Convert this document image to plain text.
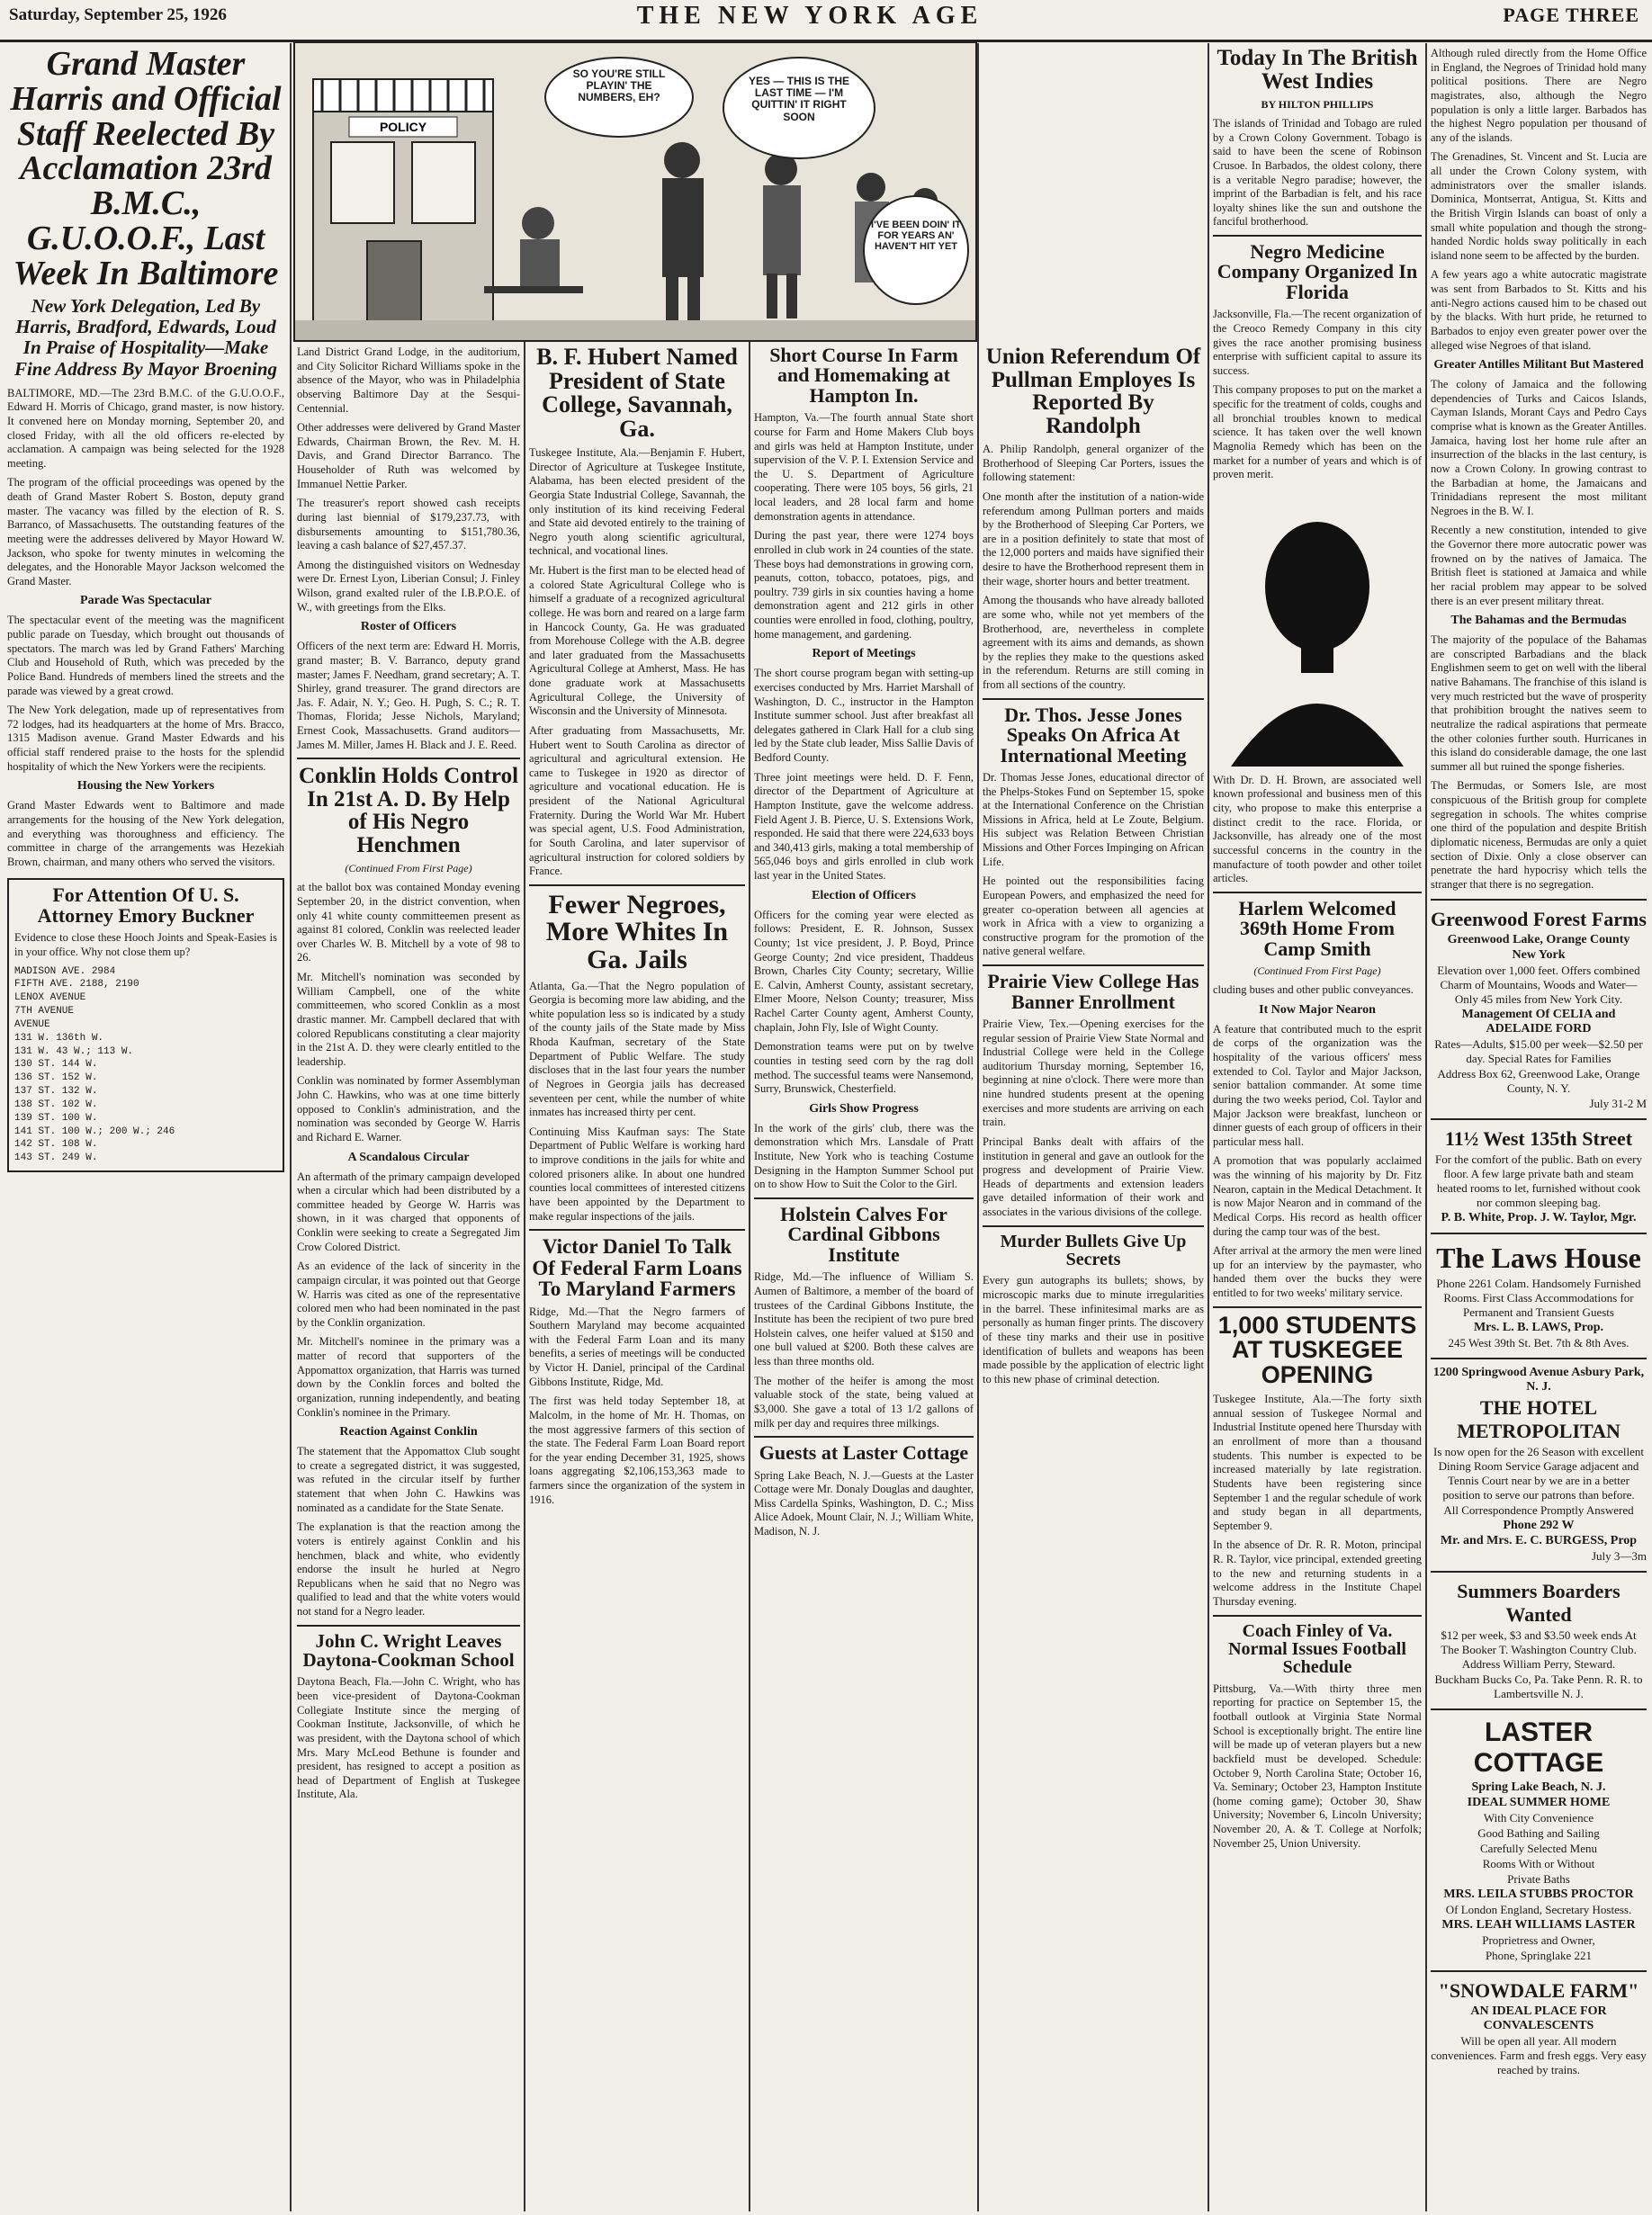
Saturday, September 25, 1926	THE NEW YORK AGE	PAGE THREE
Grand Master Harris and Official Staff Reelected By Acclamation 23rd B.M.C., G.U.O.O.F., Last Week In Baltimore
New York Delegation, Led By Harris, Bradford, Edwards, Loud In Praise of Hospitality—Make Fine Address By Mayor Broening

BALTIMORE, MD.—The 23rd B.M.C. of the G.U.O.O.F., Edward H. Morris of Chicago, grand master, is now history. It convened here on Monday morning, September 20, and closed Friday, with all the old officers re-elected by acclamation. A campaign was being selected for the 1928 meeting.

The program of the official proceedings was opened by the death of Grand Master Robert S. Boston, deputy grand master. The vacancy was filled by the election of R. S. Barranco, of Massachusetts. The outstanding features of the meeting were the addresses delivered by Mayor Howard W. Jackson, who spoke for twenty minutes in welcoming the delegates, and the Honorable Mayor Jackson welcomed the Grand Master.

Parade Was Spectacular

The spectacular event of the meeting was the magnificent public parade on Tuesday, which brought out thousands of spectators. The march was led by Grand Fathers' Marching Club and Household of Ruth, which was preceded by the Police Band. Hundreds of members lined the streets and the parade was viewed by a great crowd.

The New York delegation, made up of representatives from 72 lodges, had its headquarters at the home of Mrs. Bracco, 1315 Madison avenue. Grand Master Edwards and his official staff rendered praise to the hosts for the splendid hospitality of which the New Yorkers were the recipients.

Housing the New Yorkers

Grand Master Edwards went to Baltimore and made arrangements for the housing of the New York delegation, and everything was thoroughness and efficiency. The committee in charge of the arrangements was Hezekiah Brown, chairman, and many others who served the visitors.

For Attention Of U. S. Attorney Emory Buckner

Evidence to close these Hooch Joints and Speak-Easies is in your office. Why not close them up?

MADISON AVE. 2984
FIFTH AVE. 2188, 2190
LENOX AVENUE
7TH AVENUE
AVENUE
131 W. 136th W.
131 W. 43 W.; 113 W.
130 ST. 144 W.
136 ST. 152 W.
137 ST. 132 W.
138 ST. 102 W.
139 ST. 100 W.
141 ST. 100 W.; 200 W.; 246
142 ST. 108 W.
143 ST. 249 W.

Land District Grand Lodge, in the auditorium, and City Solicitor Richard Williams spoke in the absence of the Mayor, who was in Philadelphia observing Baltimore Day at the Sesqui-Centennial.

Other addresses were delivered by Grand Master Edwards, Chairman Brown, the Rev. M. H. Davis, and Grand Director Barranco. The Householder of Ruth was welcomed by Immanuel Nettie Parker.

The treasurer's report showed cash receipts during last biennial of $179,237.73, with disbursements amounting to $151,780.36, leaving a cash balance of $27,457.37.

Among the distinguished visitors on Wednesday were Dr. Ernest Lyon, Liberian Consul; J. Finley Wilson, grand exalted ruler of the I.B.P.O.E. of W., with greetings from the Elks.

Roster of Officers

Officers of the next term are: Edward H. Morris, grand master; B. V. Barranco, deputy grand master; James F. Needham, grand secretary; A. T. Shirley, grand treasurer. The grand directors are Jas. F. Adair, N. Y.; Geo. H. Pugh, S. C.; R. T. Thomas, Florida; Jesse Nichols, Maryland; Ernest Cook, Massachusetts. Grand auditors—James M. Miller, James H. Black and J. E. Reed.

Conklin Holds Control In 21st A. D. By Help of His Negro Henchmen
(Continued From First Page)

at the ballot box was contained Monday evening September 20, in the district convention, when only 41 white county committeemen present as against 81 colored, Conklin was reelected leader over Charles W. B. Mitchell by a vote of 98 to 26.

Mr. Mitchell's nomination was seconded by William Campbell, one of the white committeemen, who scored Conklin as a most drastic manner. Mr. Campbell declared that with colored Republicans constituting a clear majority in the 21st A. D. they were clearly entitled to the leadership.

Conklin was nominated by former Assemblyman John C. Hawkins, who was at one time bitterly opposed to Conklin's administration, and the nomination was seconded by George W. Harris and Richard E. Warner.

A Scandalous Circular

An aftermath of the primary campaign developed when a circular which had been distributed by a committee headed by George W. Harris was shown, in it was charged that opponents of Conklin were seeking to create a Segregated Jim Crow Colored District.

As an evidence of the lack of sincerity in the campaign circular, it was pointed out that George W. Harris was cited as one of the representative colored men who had been nominated in the past by the Conklin organization.

Mr. Mitchell's nominee in the primary was a matter of record that supporters of the Appomattox organization, that Harris was turned down by the Conklin forces and bolted the organization, running independently, and beating Conklin's nominee in the Primary.

Reaction Against Conklin

The statement that the Appomattox Club sought to create a segregated district, it was suggested, was refuted in the circular itself by further statement that when John C. Hawkins was nominated as a candidate for the State Senate.

The explanation is that the reaction among the voters is entirely against Conklin and his henchmen, black and white, who evidently endorse the insult he hurled at Negro Republicans when he said that no Negro was qualified to lead and that the white voters would not stand for a Negro leader.

John C. Wright Leaves Daytona-Cookman School

Daytona Beach, Fla.—John C. Wright, who has been vice-president of Daytona-Cookman Collegiate Institute since the merging of Cookman Institute, Jacksonville, of which he was president, with the Daytona school of which Mrs. Mary McLeod Bethune is founder and president, has resigned to accept a position as head of Department of English at Tuskegee Institute, Ala.

POLICY
SO YOU'RE STILL PLAYIN' THE NUMBERS, EH?
YES — THIS IS THE LAST TIME — I'M QUITTIN' IT RIGHT SOON
I'VE BEEN DOIN' IT FOR YEARS AN' HAVEN'T HIT YET
B. F. Hubert Named President of State College, Savannah, Ga.

Tuskegee Institute, Ala.—Benjamin F. Hubert, Director of Agriculture at Tuskegee Institute, Alabama, has been elected president of the Georgia State Industrial College, Savannah, the only institution of its kind receiving Federal and State aid devoted entirely to the training of Negro youth along scientific agricultural, technical, and vocational lines.

Mr. Hubert is the first man to be elected head of a colored State Agricultural College who is himself a graduate of a recognized agricultural college. He was born and reared on a large farm in Hancock County, Ga. He was graduated from Morehouse College with the A.B. degree and later graduated from the Massachusetts Agricultural College at Amherst, Mass. He has done graduate work at Massachusetts Agricultural College, the University of Wisconsin and the University of Minnesota.

After graduating from Massachusetts, Mr. Hubert went to South Carolina as director of agricultural and agricultural extension. He came to Tuskegee in 1920 as director of agriculture and vocational education. He is president of the National Agricultural Fraternity. During the World War Mr. Hubert was special agent, U.S. Food Administration, for South Carolina, and later supervisor of agricultural instruction for colored soldiers by France.

Fewer Negroes, More Whites In Ga. Jails

Atlanta, Ga.—That the Negro population of Georgia is becoming more law abiding, and the white population less so is indicated by a study of the county jails of the State made by Miss Rhoda Kaufman, secretary of the State Department of Public Welfare. The study discloses that in the last four years the number of Negroes in Georgia jails has decreased seventeen per cent, while the number of white inmates has increased thirty per cent.

Continuing Miss Kaufman says: The State Department of Public Welfare is working hard to improve conditions in the jails for white and colored prisoners alike. In about one hundred counties local committees of interested citizens have been appointed by the Department to make regular inspections of the jails.

Victor Daniel To Talk Of Federal Farm Loans To Maryland Farmers

Ridge, Md.—That the Negro farmers of Southern Maryland may become acquainted with the Federal Farm Loan and its many benefits, a series of meetings will be conducted by Victor H. Daniel, principal of the Cardinal Gibbons Institute, Ridge, Md.

The first was held today September 18, at Malcolm, in the home of Mr. H. Thomas, on the most aggressive farmers of this section of the state. The Federal Farm Loan Board report for the year ending December 31, 1925, shows loans aggregating $2,106,153,363 made to farmers since the organization of the system in 1916.

Short Course In Farm and Homemaking at Hampton In.

Hampton, Va.—The fourth annual State short course for Farm and Home Makers Club boys and girls was held at Hampton Institute, under supervision of the V. P. I. Extension Service and the U. S. Department of Agriculture cooperating. There were 105 boys, 56 girls, 21 local leaders, and 28 local farm and home demonstration agents in attendance.

During the past year, there were 1274 boys enrolled in club work in 24 counties of the state. These boys had demonstrations in growing corn, peanuts, cotton, tobacco, potatoes, pigs, and poultry. 739 girls in six counties having a home demonstration agent and 212 girls in other counties were enrolled in food, clothing, poultry, home management, and gardening.

Report of Meetings

The short course program began with setting-up exercises conducted by Mrs. Harriet Marshall of Washington, D. C., instructor in the Hampton Institute summer school. Just after breakfast all delegates gathered in Clark Hall for a club sing led by the State club leader, Miss Sallie Davis of Bedford County.

Three joint meetings were held. D. F. Fenn, director of the Department of Agriculture at Hampton Institute, gave the welcome address. Field Agent J. B. Pierce, U. S. Extensions Work, responded. He said that there were 224,633 boys and 340,413 girls, making a total membership of 565,046 boys and girls enrolled in club work last year in the United States.

Election of Officers

Officers for the coming year were elected as follows: President, E. R. Johnson, Sussex County; 1st vice president, J. P. Boyd, Prince George County; 2nd vice president, Thaddeus Brown, Charles City County; secretary, Willie E. Calvin, Amherst County, assistant secretary, Elmer Moore, Nelson County; treasurer, Miss Rachel Carter County agent, Amherst County, chaplain, John Fly, Isle of Wight County.

Demonstration teams were put on by twelve counties in testing seed corn by the rag doll method. The successful teams were Nansemond, Surry, Brunswick, Chesterfield.

Girls Show Progress

In the work of the girls' club, there was the demonstration which Mrs. Lansdale of Pratt Institute, New York who is teaching Costume Designing in the Hampton Summer School put on to show How to Suit the Color to the Girl.

Holstein Calves For Cardinal Gibbons Institute

Ridge, Md.—The influence of William S. Aumen of Baltimore, a member of the board of trustees of the Cardinal Gibbons Institute, the Institute has been the recipient of two pure bred Holstein calves, one heifer valued at $150 and one bull valued at $200. Both these calves are less than three months old.

The mother of the heifer is among the most valuable stock of the state, being valued at $3,000. She gave a total of 13 1/2 gallons of milk per day and requires three milkings.

Guests at Laster Cottage

Spring Lake Beach, N. J.—Guests at the Laster Cottage were Mr. Donaly Douglas and daughter, Miss Cardella Spinks, Washington, D. C.; Miss Alice Adoek, Mount Clair, N. J.; William White, Madison, N. J.

Union Referendum Of Pullman Employes Is Reported By Randolph

A. Philip Randolph, general organizer of the Brotherhood of Sleeping Car Porters, issues the following statement:

One month after the institution of a nation-wide referendum among Pullman porters and maids by the Brotherhood of Sleeping Car Porters, we are in a position definitely to state that most of the 12,000 porters and maids have signified their desire to have the Brotherhood represent them in their wage, shorter hours and better treatment.

Among the thousands who have already balloted are some who, while not yet members of the Brotherhood, are, nevertheless in complete agreement with its aims and demands, as shown by the replies they make to the questions asked in the referendum. Returns are still coming in from all sections of the country.

Dr. Thos. Jesse Jones Speaks On Africa At International Meeting

Dr. Thomas Jesse Jones, educational director of the Phelps-Stokes Fund on September 15, spoke at the International Conference on the Christian Missions in Africa, held at Le Zoute, Belgium. His subject was Relation Between Christian Missions and Other Forces Impinging on African Life.

He pointed out the responsibilities facing European Powers, and emphasized the need for greater co-operation between all agencies at work in Africa with a view to organizing a constructive program for the promotion of the native general welfare.

Prairie View College Has Banner Enrollment

Prairie View, Tex.—Opening exercises for the regular session of Prairie View State Normal and Industrial College were held in the College auditorium Thursday morning, September 16, beginning at nine o'clock. There were more than nine hundred students present at the opening exercises and more students are arriving on each train.

Principal Banks dealt with affairs of the institution in general and gave an outlook for the progress and development of Prairie View. Heads of departments and extension leaders gave detailed information of their work and associates in the various divisions of the college.

Murder Bullets Give Up Secrets

Every gun autographs its bullets; shows, by microscopic marks due to minute irregularities in the barrel. These infinitesimal marks are as personally as human finger prints. The discovery of these tiny marks and their use in positive identification of bullets and weapons has been made possible by the application of electric light to this new phase of criminal detection.

Today In The British West Indies
BY HILTON PHILLIPS

The islands of Trinidad and Tobago are ruled by a Crown Colony Government. Tobago is said to have been the scene of Robinson Crusoe. In Barbados, the oldest colony, there is a veritable Negro paradise; however, the imprint of the Barbadian is felt, and his race loyalty shines like the sun and outshone the fanciful brotherhood.

Negro Medicine Company Organized In Florida

Jacksonville, Fla.—The recent organization of the Creoco Remedy Company in this city gives the race another promising business enterprise with sufficient capital to assure its success.

This company proposes to put on the market a specific for the treatment of colds, coughs and all bronchial troubles known to medical science. It has taken over the well known Magnolia Remedy which has been on the market for a number of years and which is of proven merit.

With Dr. D. H. Brown, are associated well known professional and business men of this city, who propose to make this enterprise a distinct credit to the race. Florida, or Jacksonville, has already one of the most successful concerns in the country in the manufacture of tooth powder and other toilet articles.

Harlem Welcomed 369th Home From Camp Smith
(Continued From First Page)

cluding buses and other public conveyances.

It Now Major Nearon

A feature that contributed much to the esprit de corps of the organization was the hospitality of the various officers' mess extended to Col. Taylor and Major Jackson, senior battalion commander. At some time during the two weeks period, Col. Taylor and Major Jackson were breakfast, luncheon or dinner guests of each group of officers in their particular mess hall.

A promotion that was popularly acclaimed was the winning of his majority by Dr. Fitz Nearon, captain in the Medical Detachment. It is now Major Nearon and in command of the Medical Corps. His record as health officer during the camp tour was of the best.

After arrival at the armory the men were lined up for an interview by the paymaster, who handed them over the bucks they were entitled to for two weeks' military service.

1,000 STUDENTS AT TUSKEGEE OPENING

Tuskegee Institute, Ala.—The forty sixth annual session of Tuskegee Normal and Industrial Institute opened here Thursday with an enrollment of more than a thousand students. This number is expected to be increased materially by late registration. Students have been registering since September 1 and the regular schedule of work and study began in all departments, September 9.

In the absence of Dr. R. R. Moton, principal R. R. Taylor, vice principal, extended greeting to the new and returning students in a welcome address in the Institute Chapel Thursday evening.

Coach Finley of Va. Normal Issues Football Schedule

Pittsburg, Va.—With thirty three men reporting for practice on September 15, the football outlook at Virginia State Normal School is exceptionally bright. The entire line will be made up of veteran players but a new backfield must be developed. Schedule: October 9, North Carolina State; October 16, Va. Seminary; October 23, Hampton Institute (home coming game); October 30, Shaw University; November 6, Lincoln University; November 20, A. & T. College at Norfolk; November 25, Union University.

Although ruled directly from the Home Office in England, the Negroes of Trinidad hold many political positions. There are Negro magistrates, also, although the Negro population is only a little larger. Barbados has the highest Negro population per thousand of any of the islands.

The Grenadines, St. Vincent and St. Lucia are all under the Crown Colony system, with administrators over the smaller islands. Dominica, Montserrat, Antigua, St. Kitts and the British Virgin Islands can boast of only a small white population and though the strong-handed Nordic holds sway politically in each island none seem to be affected by the burden.

A few years ago a white autocratic magistrate was sent from Barbados to St. Kitts and his anti-Negro actions caused him to be chased out by the blacks. With hurt pride, he returned to Barbados to enjoy even greater power over the alleged wise Negroes of that island.

Greater Antilles Militant But Mastered

The colony of Jamaica and the following dependencies of Turks and Caicos Islands, Cayman Islands, Morant Cays and Pedro Cays comprise what is known as the Greater Antilles. Jamaica, having lost her home rule after an insurrection of the blacks in the last century, is now a Crown Colony. In growing contrast to the Barbadian at home, the Jamaicans and Trinidadians represent the most militant Negroes in the B. W. I.

Recently a new constitution, intended to give the Governor there more autocratic power was frowned on by the natives of Jamaica. The British fleet is stationed at Jamaica and while her racial problem may appear to be solved there is an ever present military threat.

The Bahamas and the Bermudas

The majority of the populace of the Bahamas are conscripted Barbadians and the black Englishmen seem to get on well with the liberal native Bahamans. The franchise of this island is very much restricted but the wave of prosperity that prohibition brought the natives seem to neutralize the radical aspirations that permeate the other colonies further south. Hurricanes in this island do considerable damage, the one last summer all but ruined the sponge fisheries.

The Bermudas, or Somers Isle, are most conspicuous of the British group for complete segregation in schools. The whites comprise one third of the population and despite British diplomatic niceness, Bermudas are only a quiet section of Dixie. Only a close observer can penetrate the hard hypocrisy which tells the stranger that there is no segregation.

Greenwood Forest Farms
Greenwood Lake, Orange County
New York
Elevation over 1,000 feet. Offers combined Charm of Mountains, Woods and Water—Only 45 miles from New York City.
Management Of CELIA and ADELAIDE FORD
Rates—Adults, $15.00 per week—$2.50 per day. Special Rates for Families
Address Box 62, Greenwood Lake, Orange County, N. Y.
July 31-2 M
11½ West 135th Street
For the comfort of the public. Bath on every floor. A few large private bath and steam heated rooms to let, furnished without cook nor common sleeping bag.
P. B. White, Prop. J. W. Taylor, Mgr.
The Laws House
Phone 2261 Colam. Handsomely Furnished Rooms. First Class Accommodations for Permanent and Transient Guests
Mrs. L. B. LAWS, Prop.
245 West 39th St. Bet. 7th & 8th Aves.
1200 Springwood Avenue Asbury Park, N. J.
THE HOTEL METROPOLITAN
Is now open for the 26 Season with excellent Dining Room Service Garage adjacent and Tennis Court near by we are in a better position to serve our patrons than before.
All Correspondence Promptly Answered
Phone 292 W
Mr. and Mrs. E. C. BURGESS, Prop
July 3—3m
Summers Boarders Wanted
$12 per week, $3 and $3.50 week ends At The Booker T. Washington Country Club. Address William Perry, Steward.
Buckham Bucks Co, Pa. Take Penn. R. R. to Lambertsville N. J.
LASTER COTTAGE
Spring Lake Beach, N. J.
IDEAL SUMMER HOME
With City Convenience
Good Bathing and Sailing
Carefully Selected Menu
Rooms With or Without
Private Baths
MRS. LEILA STUBBS PROCTOR
Of London England, Secretary Hostess.
MRS. LEAH WILLIAMS LASTER
Proprietress and Owner,
Phone, Springlake 221
"SNOWDALE FARM"
AN IDEAL PLACE FOR CONVALESCENTS
Will be open all year. All modern conveniences. Farm and fresh eggs. Very easy reached by trains.
